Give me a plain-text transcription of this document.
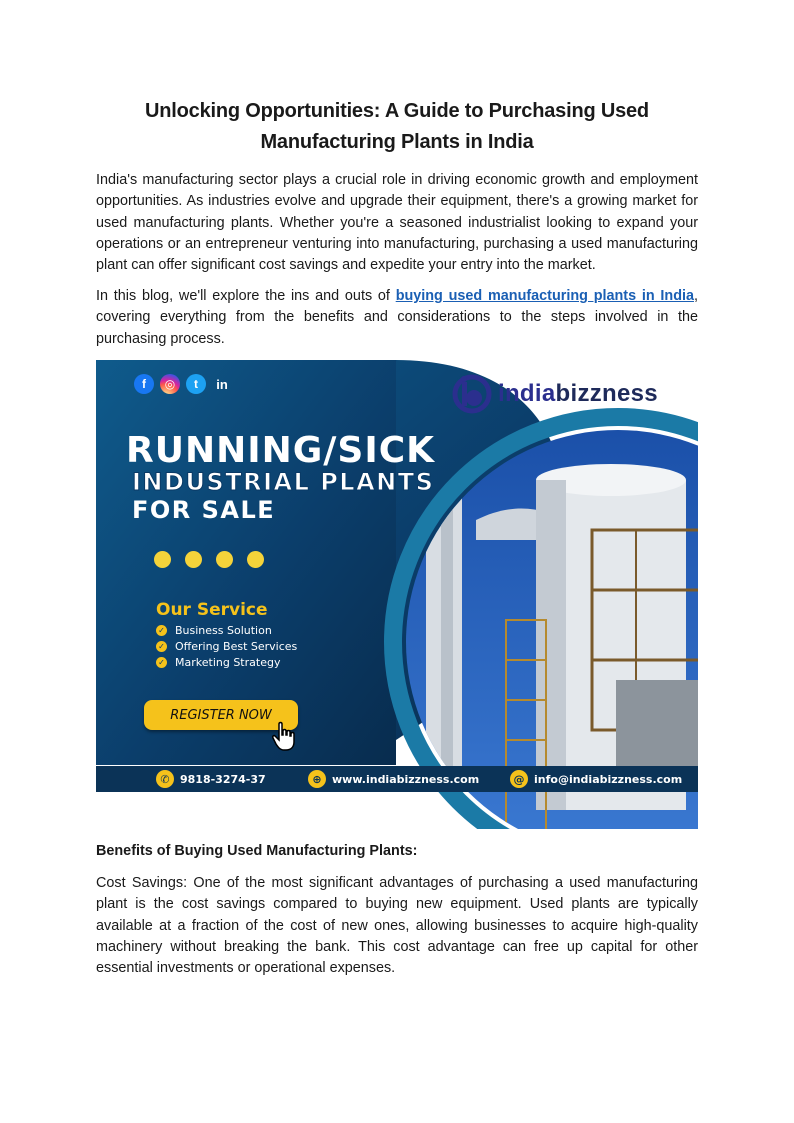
Unlocking Opportunities: A Guide to Purchasing Used
Manufacturing Plants in India

India's manufacturing sector plays a crucial role in driving economic growth and employment opportunities. As industries evolve and upgrade their equipment, there's a growing market for used manufacturing plants. Whether you're a seasoned industrialist looking to expand your operations or an entrepreneur venturing into manufacturing, purchasing a used manufacturing plant can offer significant cost savings and expedite your entry into the market.

In this blog, we'll explore the ins and outs of buying used manufacturing plants in India, covering everything from the benefits and considerations to the steps involved in the purchasing process.

f	◎	t	in	indiabizzness
RUNNING/SICK
INDUSTRIAL PLANTS
FOR SALE
Our Service
✓ Business Solution
✓ Offering Best Services
✓ Marketing Strategy
REGISTER NOW
✆ 9818-3274-37	⊕ www.indiabizzness.com	@ info@indiabizzness.com
Benefits of Buying Used Manufacturing Plants:

Cost Savings: One of the most significant advantages of purchasing a used manufacturing plant is the cost savings compared to buying new equipment. Used plants are typically available at a fraction of the cost of new ones, allowing businesses to acquire high-quality machinery without breaking the bank. This cost advantage can free up capital for other essential investments or operational expenses.
